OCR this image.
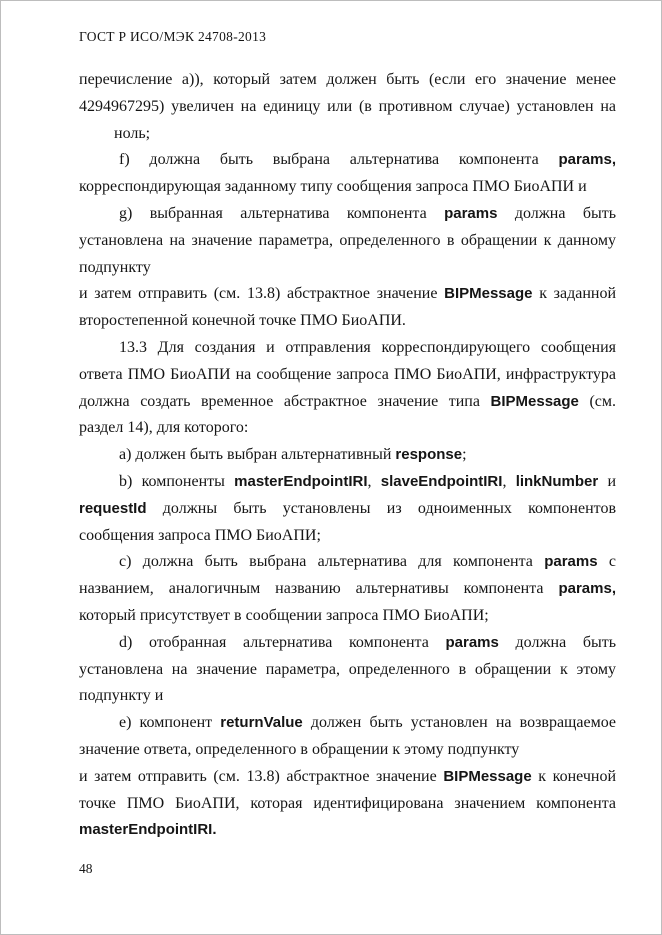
ГОСТ Р ИСО/МЭК 24708-2013

перечисление а)), который затем должен быть (если его значение менее 4294967295) увеличен на единицу или (в противном случае) установлен на

ноль;

f) должна быть выбрана альтернатива компонента params, корреспондирующая заданному типу сообщения запроса ПМО БиоАПИ и

g) выбранная альтернатива компонента params должна быть установлена на значение параметра, определенного в обращении к данному подпункту

и затем отправить (см. 13.8) абстрактное значение BIPMessage к заданной второстепенной конечной точке ПМО БиоАПИ.

13.3 Для создания и отправления корреспондирующего сообщения ответа ПМО БиоАПИ на сообщение запроса ПМО БиоАПИ, инфраструктура должна создать временное абстрактное значение типа BIPMessage (см. раздел 14), для которого:

a) должен быть выбран альтернативный response;

b) компоненты masterEndpointIRI, slaveEndpointIRI, linkNumber и requestId должны быть установлены из одноименных компонентов сообщения запроса ПМО БиоАПИ;

c) должна быть выбрана альтернатива для компонента params с названием, аналогичным названию альтернативы компонента params, который присутствует в сообщении запроса ПМО БиоАПИ;

d) отобранная альтернатива компонента params должна быть установлена на значение параметра, определенного в обращении к этому подпункту и

e) компонент returnValue должен быть установлен на возвращаемое значение ответа, определенного в обращении к этому подпункту

и затем отправить (см. 13.8) абстрактное значение BIPMessage к конечной точке ПМО БиоАПИ, которая идентифицирована значением компонента masterEndpointIRI.

48
